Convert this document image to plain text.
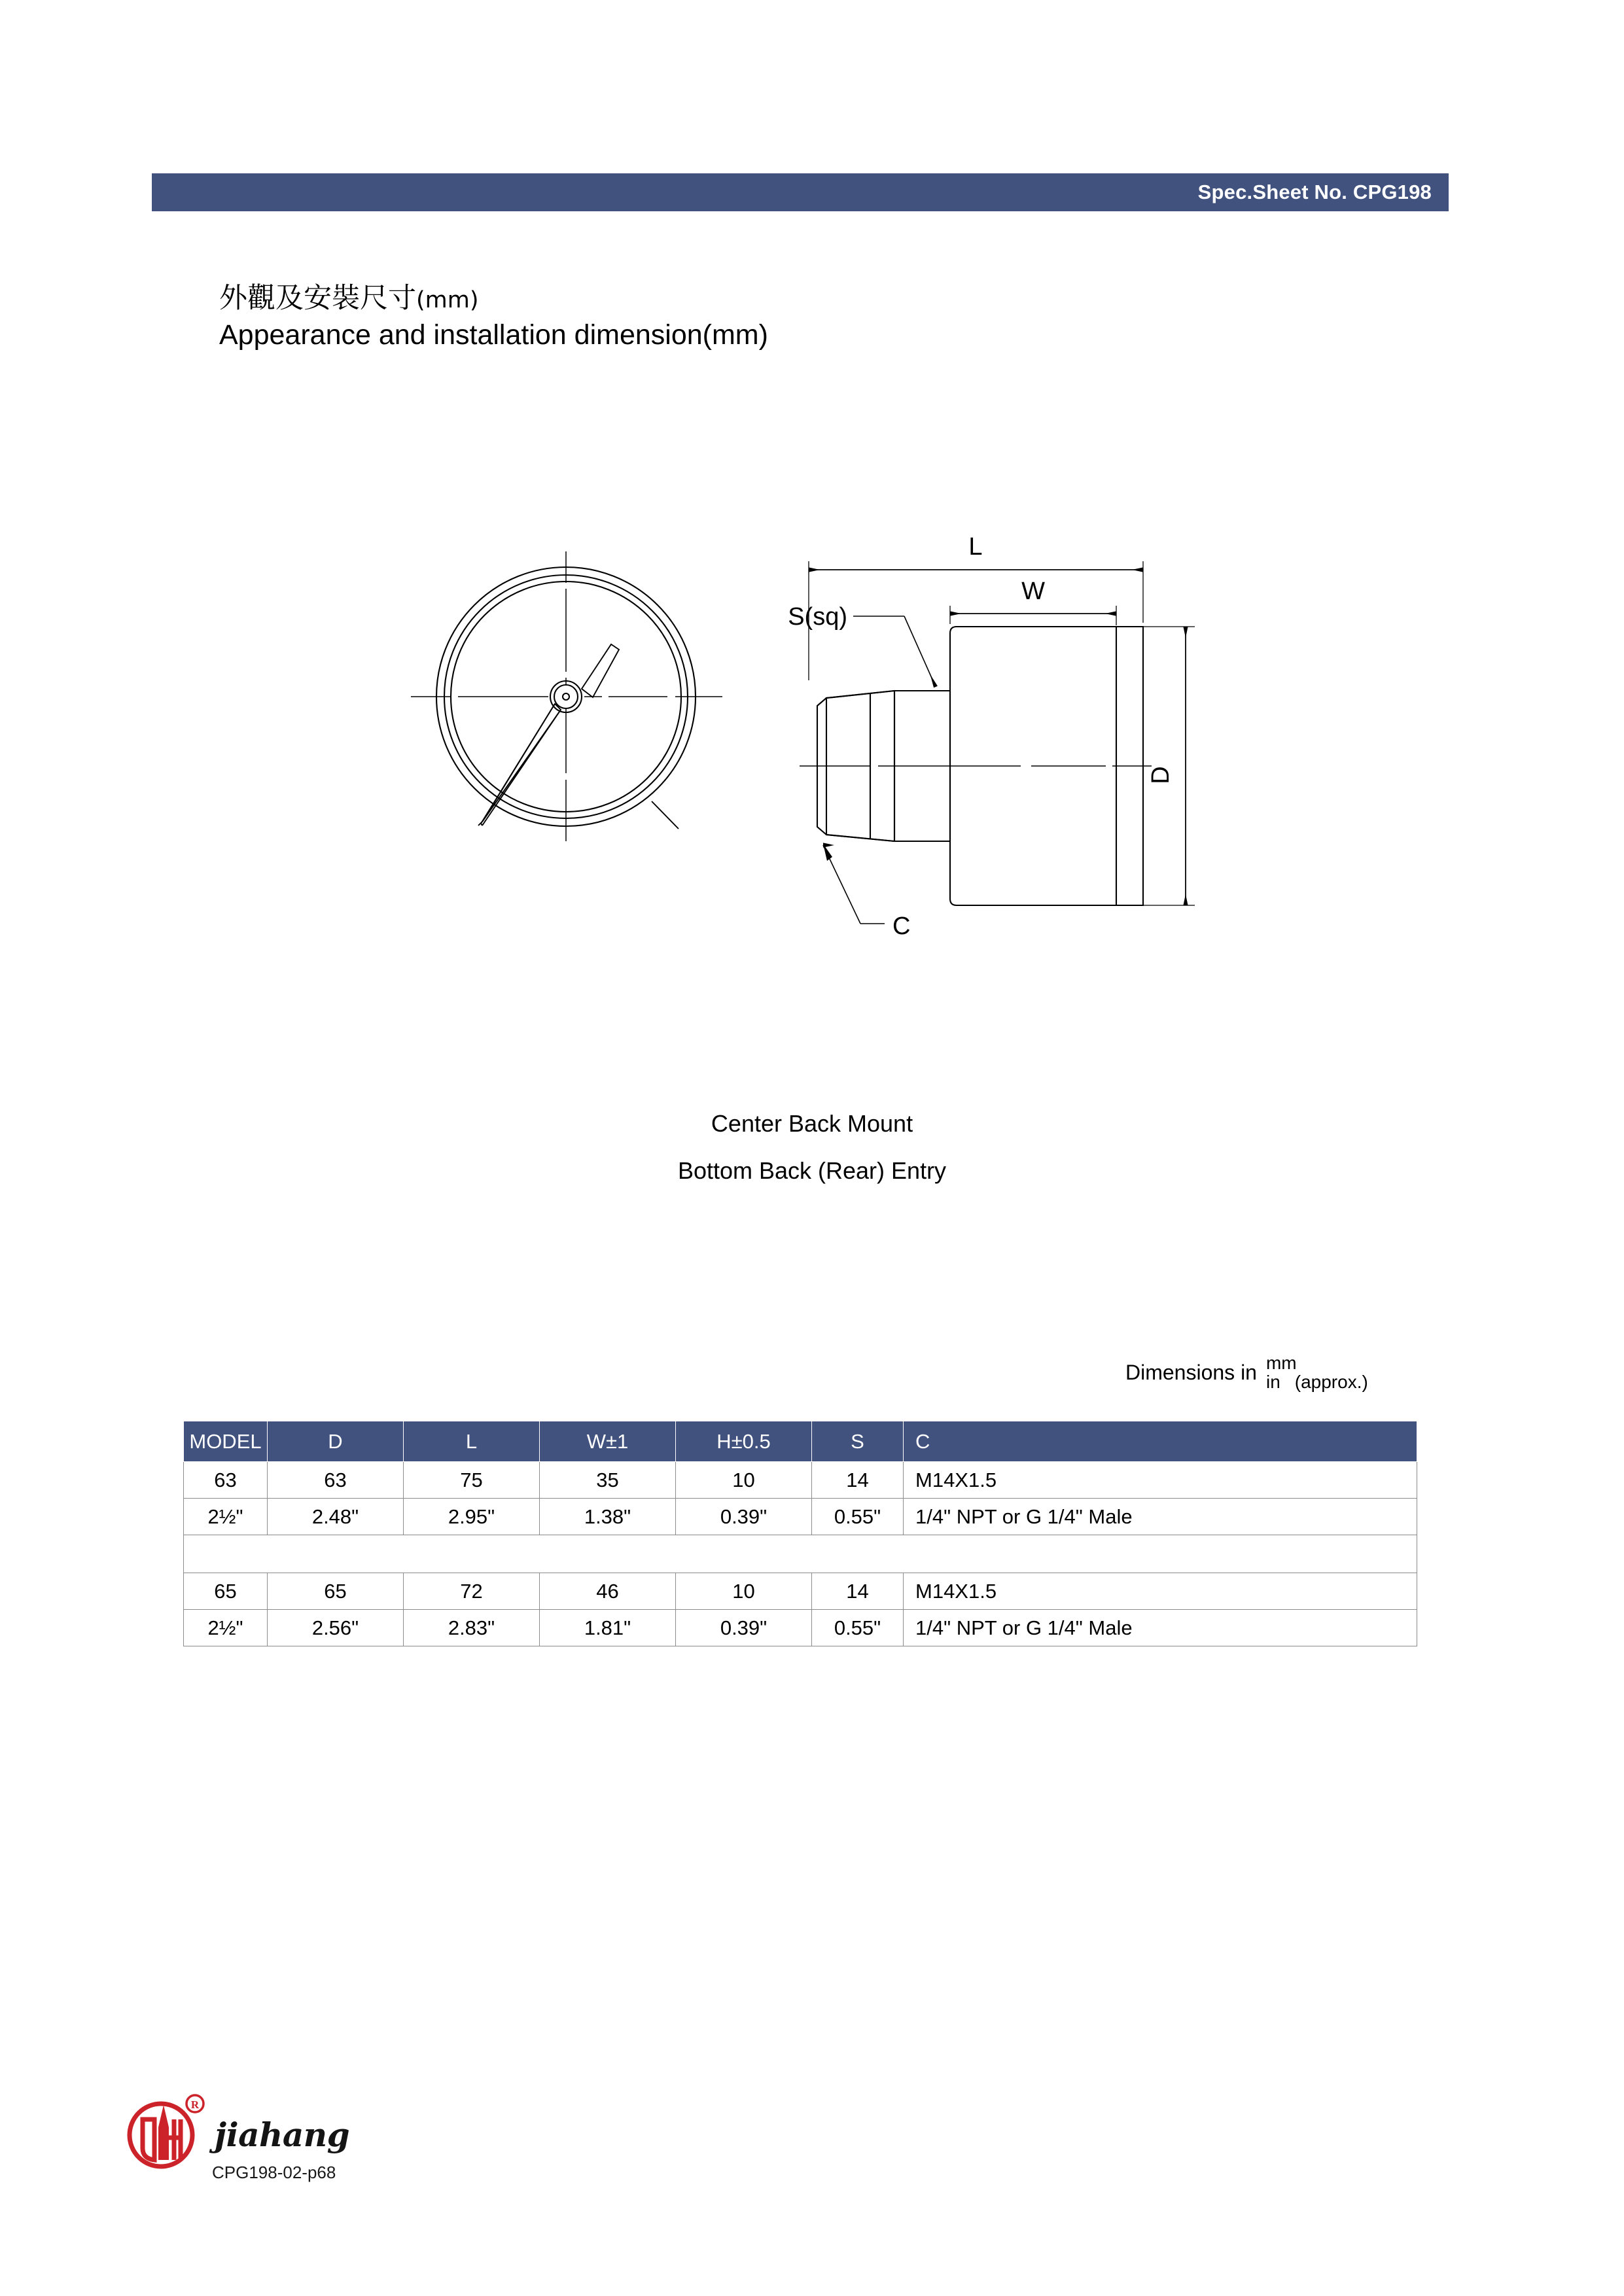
Spec.Sheet No. CPG198
外觀及安裝尺寸(mm)
Appearance and installation dimension(mm)
L
W
D
S(sq)
C
Center Back Mount
Bottom Back (Rear) Entry
Dimensions in mm
in (approx.)
MODEL	D	L	W±1	H±0.5	S	C
63	63	75	35	10	14	M14X1.5
2½"	2.48"	2.95"	1.38"	0.39"	0.55"	1/4" NPT or G 1/4" Male

65	65	72	46	10	14	M14X1.5
2½"	2.56"	2.83"	1.81"	0.39"	0.55"	1/4" NPT or G 1/4" Male
R
jiahang
CPG198-02-p68
